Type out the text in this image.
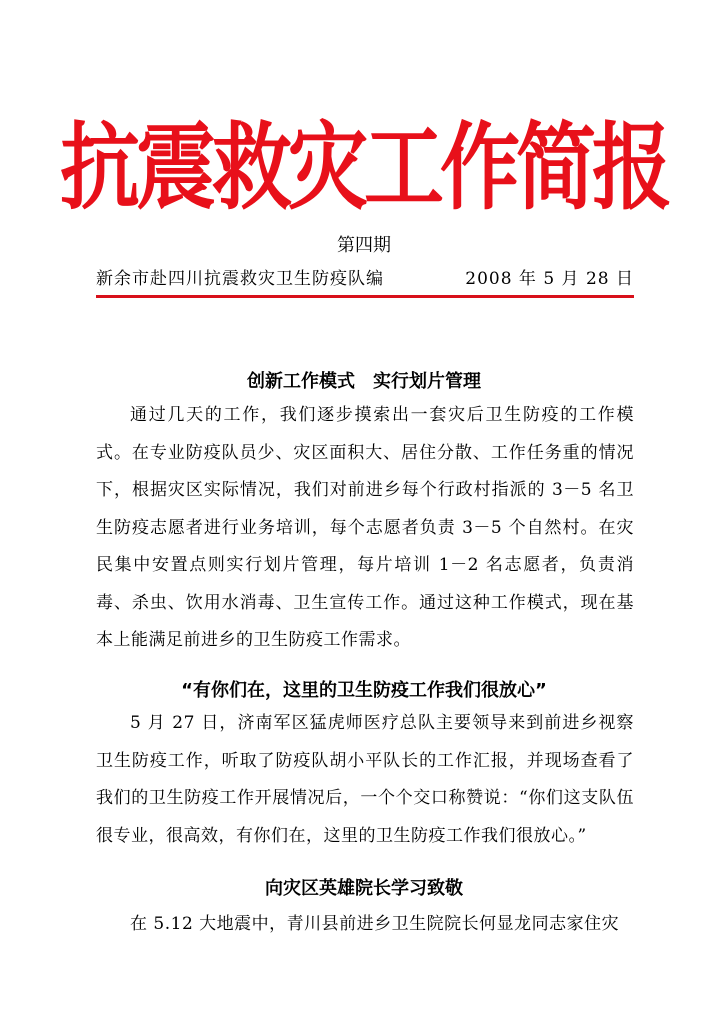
抗震救灾工作简报
第四期
新余市赴四川抗震救灾卫生防疫队编	2008 年 5 月 28 日
创新工作模式　实行划片管理

通过几天的工作，我们逐步摸索出一套灾后卫生防疫的工作模式。在专业防疫队员少、灾区面积大、居住分散、工作任务重的情况下，根据灾区实际情况，我们对前进乡每个行政村指派的 3－5 名卫生防疫志愿者进行业务培训，每个志愿者负责 3－5 个自然村。在灾民集中安置点则实行划片管理，每片培训 1－2 名志愿者，负责消毒、杀虫、饮用水消毒、卫生宣传工作。通过这种工作模式，现在基本上能满足前进乡的卫生防疫工作需求。

“有你们在，这里的卫生防疫工作我们很放心”

5 月 27 日，济南军区猛虎师医疗总队主要领导来到前进乡视察卫生防疫工作，听取了防疫队胡小平队长的工作汇报，并现场查看了我们的卫生防疫工作开展情况后，一个个交口称赞说：“你们这支队伍很专业，很高效，有你们在，这里的卫生防疫工作我们很放心。”

向灾区英雄院长学习致敬

在 5.12 大地震中，青川县前进乡卫生院院长何显龙同志家住灾
